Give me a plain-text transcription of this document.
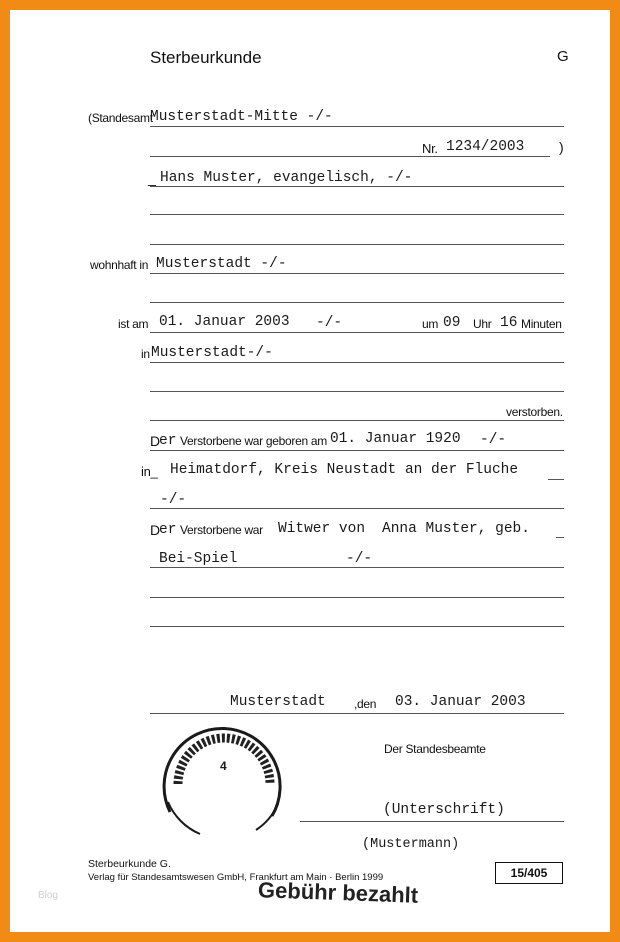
Sterbeurkunde	G
(Standesamt
Musterstadt-Mitte -/-
Nr. 1234/2003 )
_ Hans Muster, evangelisch, -/-
wohnhaft in Musterstadt -/-
ist am 01. Januar 2003 -/-	um 09 Uhr 16 Minuten
in Musterstadt-/-
verstorben.
D
er Verstorbene war geboren am 01. Januar 1920 -/-
in_ Heimatdorf, Kreis Neustadt an der Fluche
-/-
D
er Verstorbene war Witwer von Anna Muster, geb.
Bei-Spiel	-/-
Musterstadt ,den 03. Januar 2003
Der Standesbeamte
4
(Unterschrift)
(Mustermann)
Sterbeurkunde G.
Verlag für Standesamtswesen GmbH, Frankfurt am Main · Berlin 1999	15/405
Gebühr bezahlt
Blog
